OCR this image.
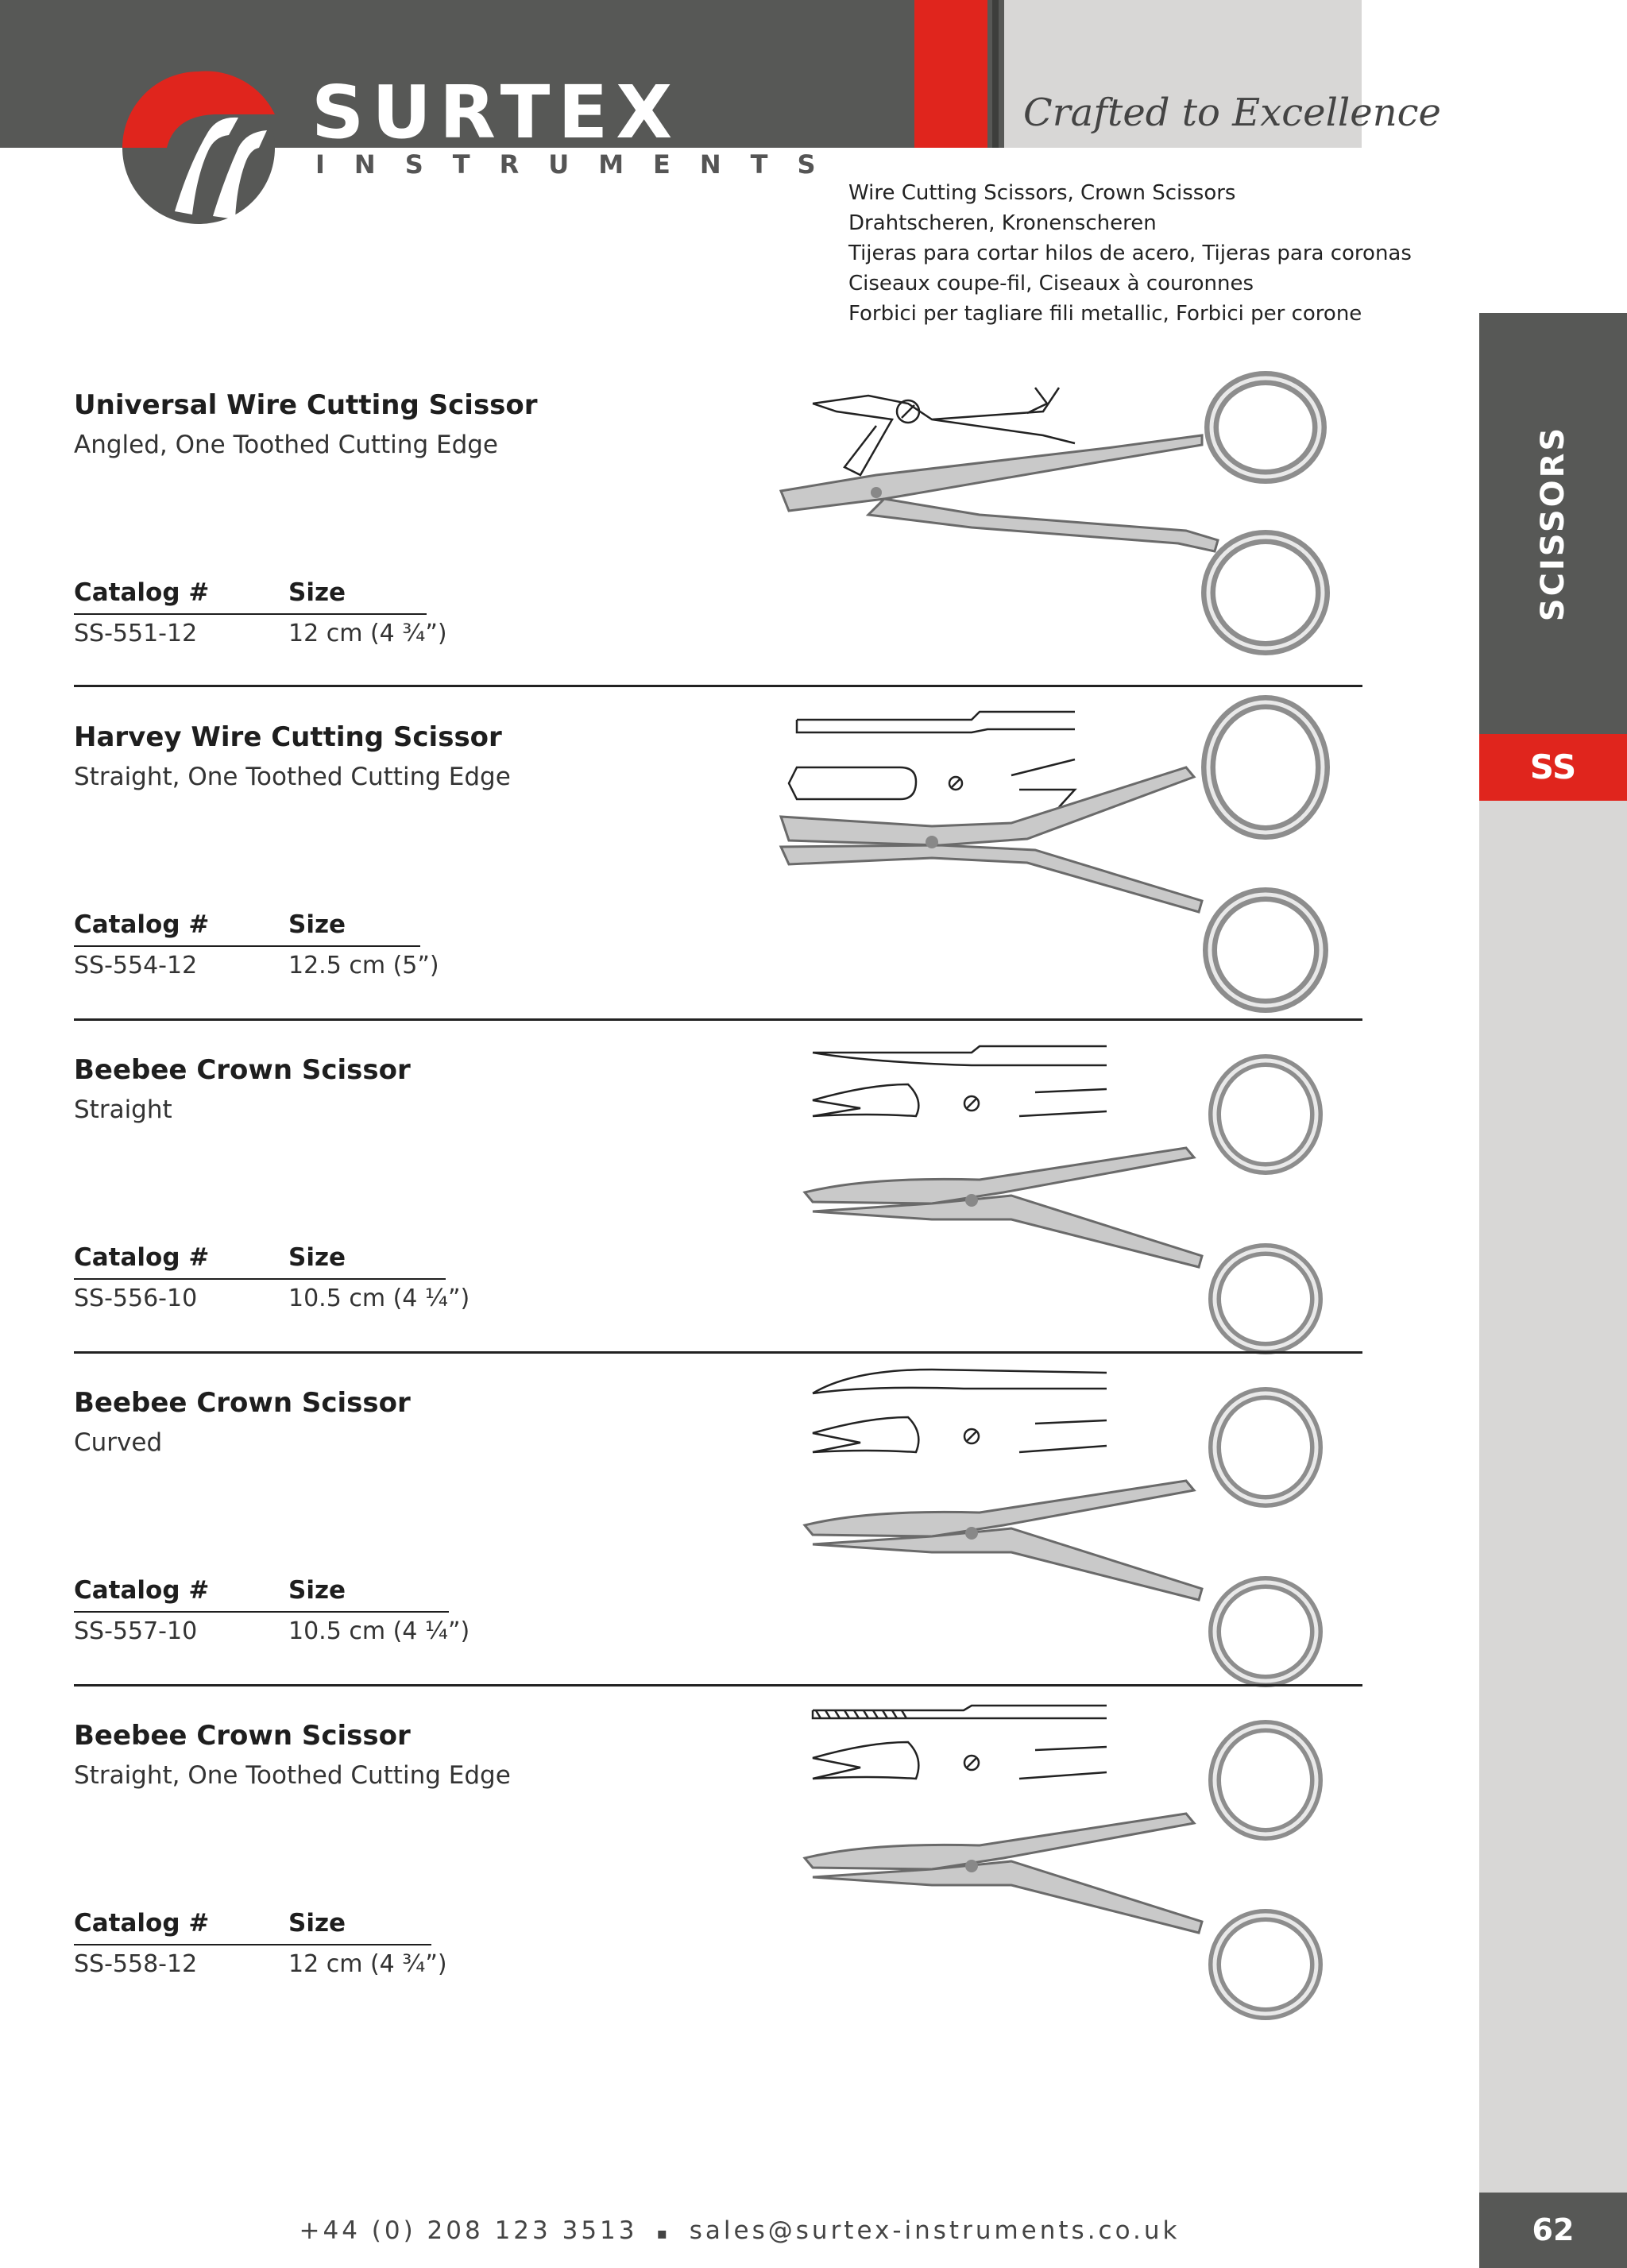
SURTEX
INSTRUMENTS
Crafted to Excellence
Wire Cutting Scissors, Crown Scissors
Drahtscheren, Kronenscheren
Tijeras para cortar hilos de acero, Tijeras para coronas
Ciseaux coupe-fil, Ciseaux à couronnes
Forbici per tagliare fili metallic, Forbici per corone
SCISSORS
SS
62
Universal Wire Cutting Scissor
Angled, One Toothed Cutting Edge
Catalog #	Size
SS-551-12	12 cm (4 ¾”)
Harvey Wire Cutting Scissor
Straight, One Toothed Cutting Edge
Catalog #	Size
SS-554-12	12.5 cm (5”)
Beebee Crown Scissor
Straight
Catalog #	Size
SS-556-10	10.5 cm (4 ¼”)
Beebee Crown Scissor
Curved
Catalog #	Size
SS-557-10	10.5 cm (4 ¼”)
Beebee Crown Scissor
Straight, One Toothed Cutting Edge
Catalog #	Size
SS-558-12	12 cm (4 ¾”)
+44 (0) 208 123 3513 ▪ sales@surtex-instruments.co.uk
